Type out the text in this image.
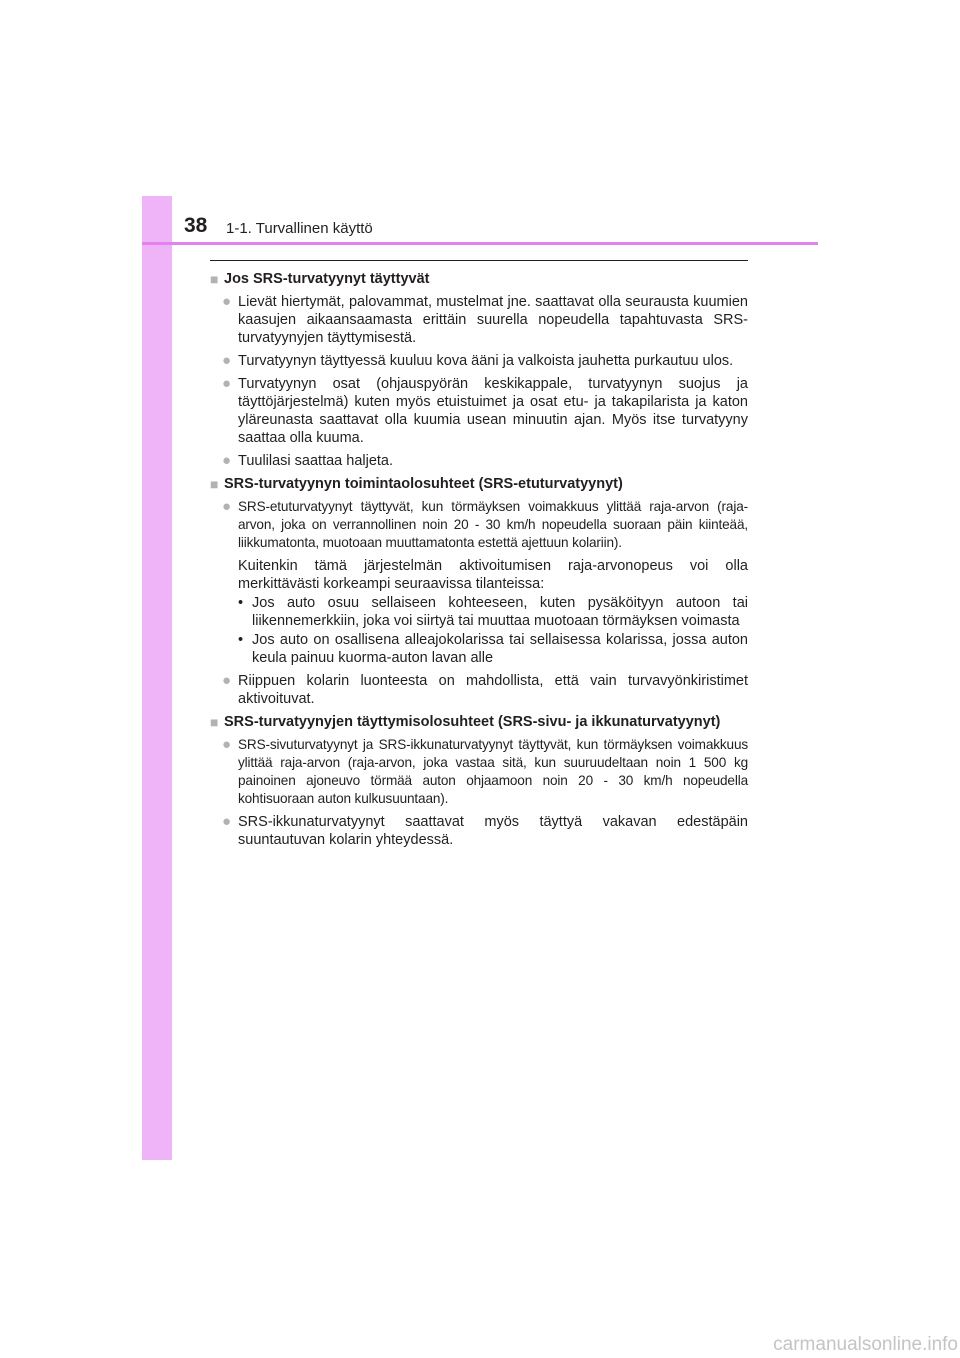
38 1-1. Turvallinen käyttö
■ Jos SRS-turvatyynyt täyttyvät
● Lievät hiertymät, palovammat, mustelmat jne. saattavat olla seurausta kuumien kaasujen aikaansaamasta erittäin suurella nopeudella tapahtuvasta SRS-turvatyynyjen täyttymisestä.
● Turvatyynyn täyttyessä kuuluu kova ääni ja valkoista jauhetta purkautuu ulos.
● Turvatyynyn osat (ohjauspyörän keskikappale, turvatyynyn suojus ja täyttöjärjestelmä) kuten myös etuistuimet ja osat etu- ja takapilarista ja katon yläreunasta saattavat olla kuumia usean minuutin ajan. Myös itse turvatyyny saattaa olla kuuma.
● Tuulilasi saattaa haljeta.
■ SRS-turvatyynyn toimintaolosuhteet (SRS-etuturvatyynyt)
● SRS-etuturvatyynyt täyttyvät, kun törmäyksen voimakkuus ylittää raja-arvon (raja-arvon, joka on verrannollinen noin 20 - 30 km/h nopeudella suoraan päin kiinteää, liikkumatonta, muotoaan muuttamatonta estettä ajettuun kolariin).
Kuitenkin tämä järjestelmän aktivoitumisen raja-arvonopeus voi olla merkittävästi korkeampi seuraavissa tilanteissa:
• Jos auto osuu sellaiseen kohteeseen, kuten pysäköityyn autoon tai liikennemerkkiin, joka voi siirtyä tai muuttaa muotoaan törmäyksen voimasta
• Jos auto on osallisena alleajokolarissa tai sellaisessa kolarissa, jossa auton keula painuu kuorma-auton lavan alle
● Riippuen kolarin luonteesta on mahdollista, että vain turvavyönkiristimet aktivoituvat.
■ SRS-turvatyynyjen täyttymisolosuhteet (SRS-sivu- ja ikkunaturvatyynyt)
● SRS-sivuturvatyynyt ja SRS-ikkunaturvatyynyt täyttyvät, kun törmäyksen voimakkuus ylittää raja-arvon (raja-arvon, joka vastaa sitä, kun suuruudeltaan noin 1 500 kg painoinen ajoneuvo törmää auton ohjaamoon noin 20 - 30 km/h nopeudella kohtisuoraan auton kulkusuuntaan).
● SRS-ikkunaturvatyynyt saattavat myös täyttyä vakavan edestäpäin suuntautuvan kolarin yhteydessä.
carmanualsonline.info
